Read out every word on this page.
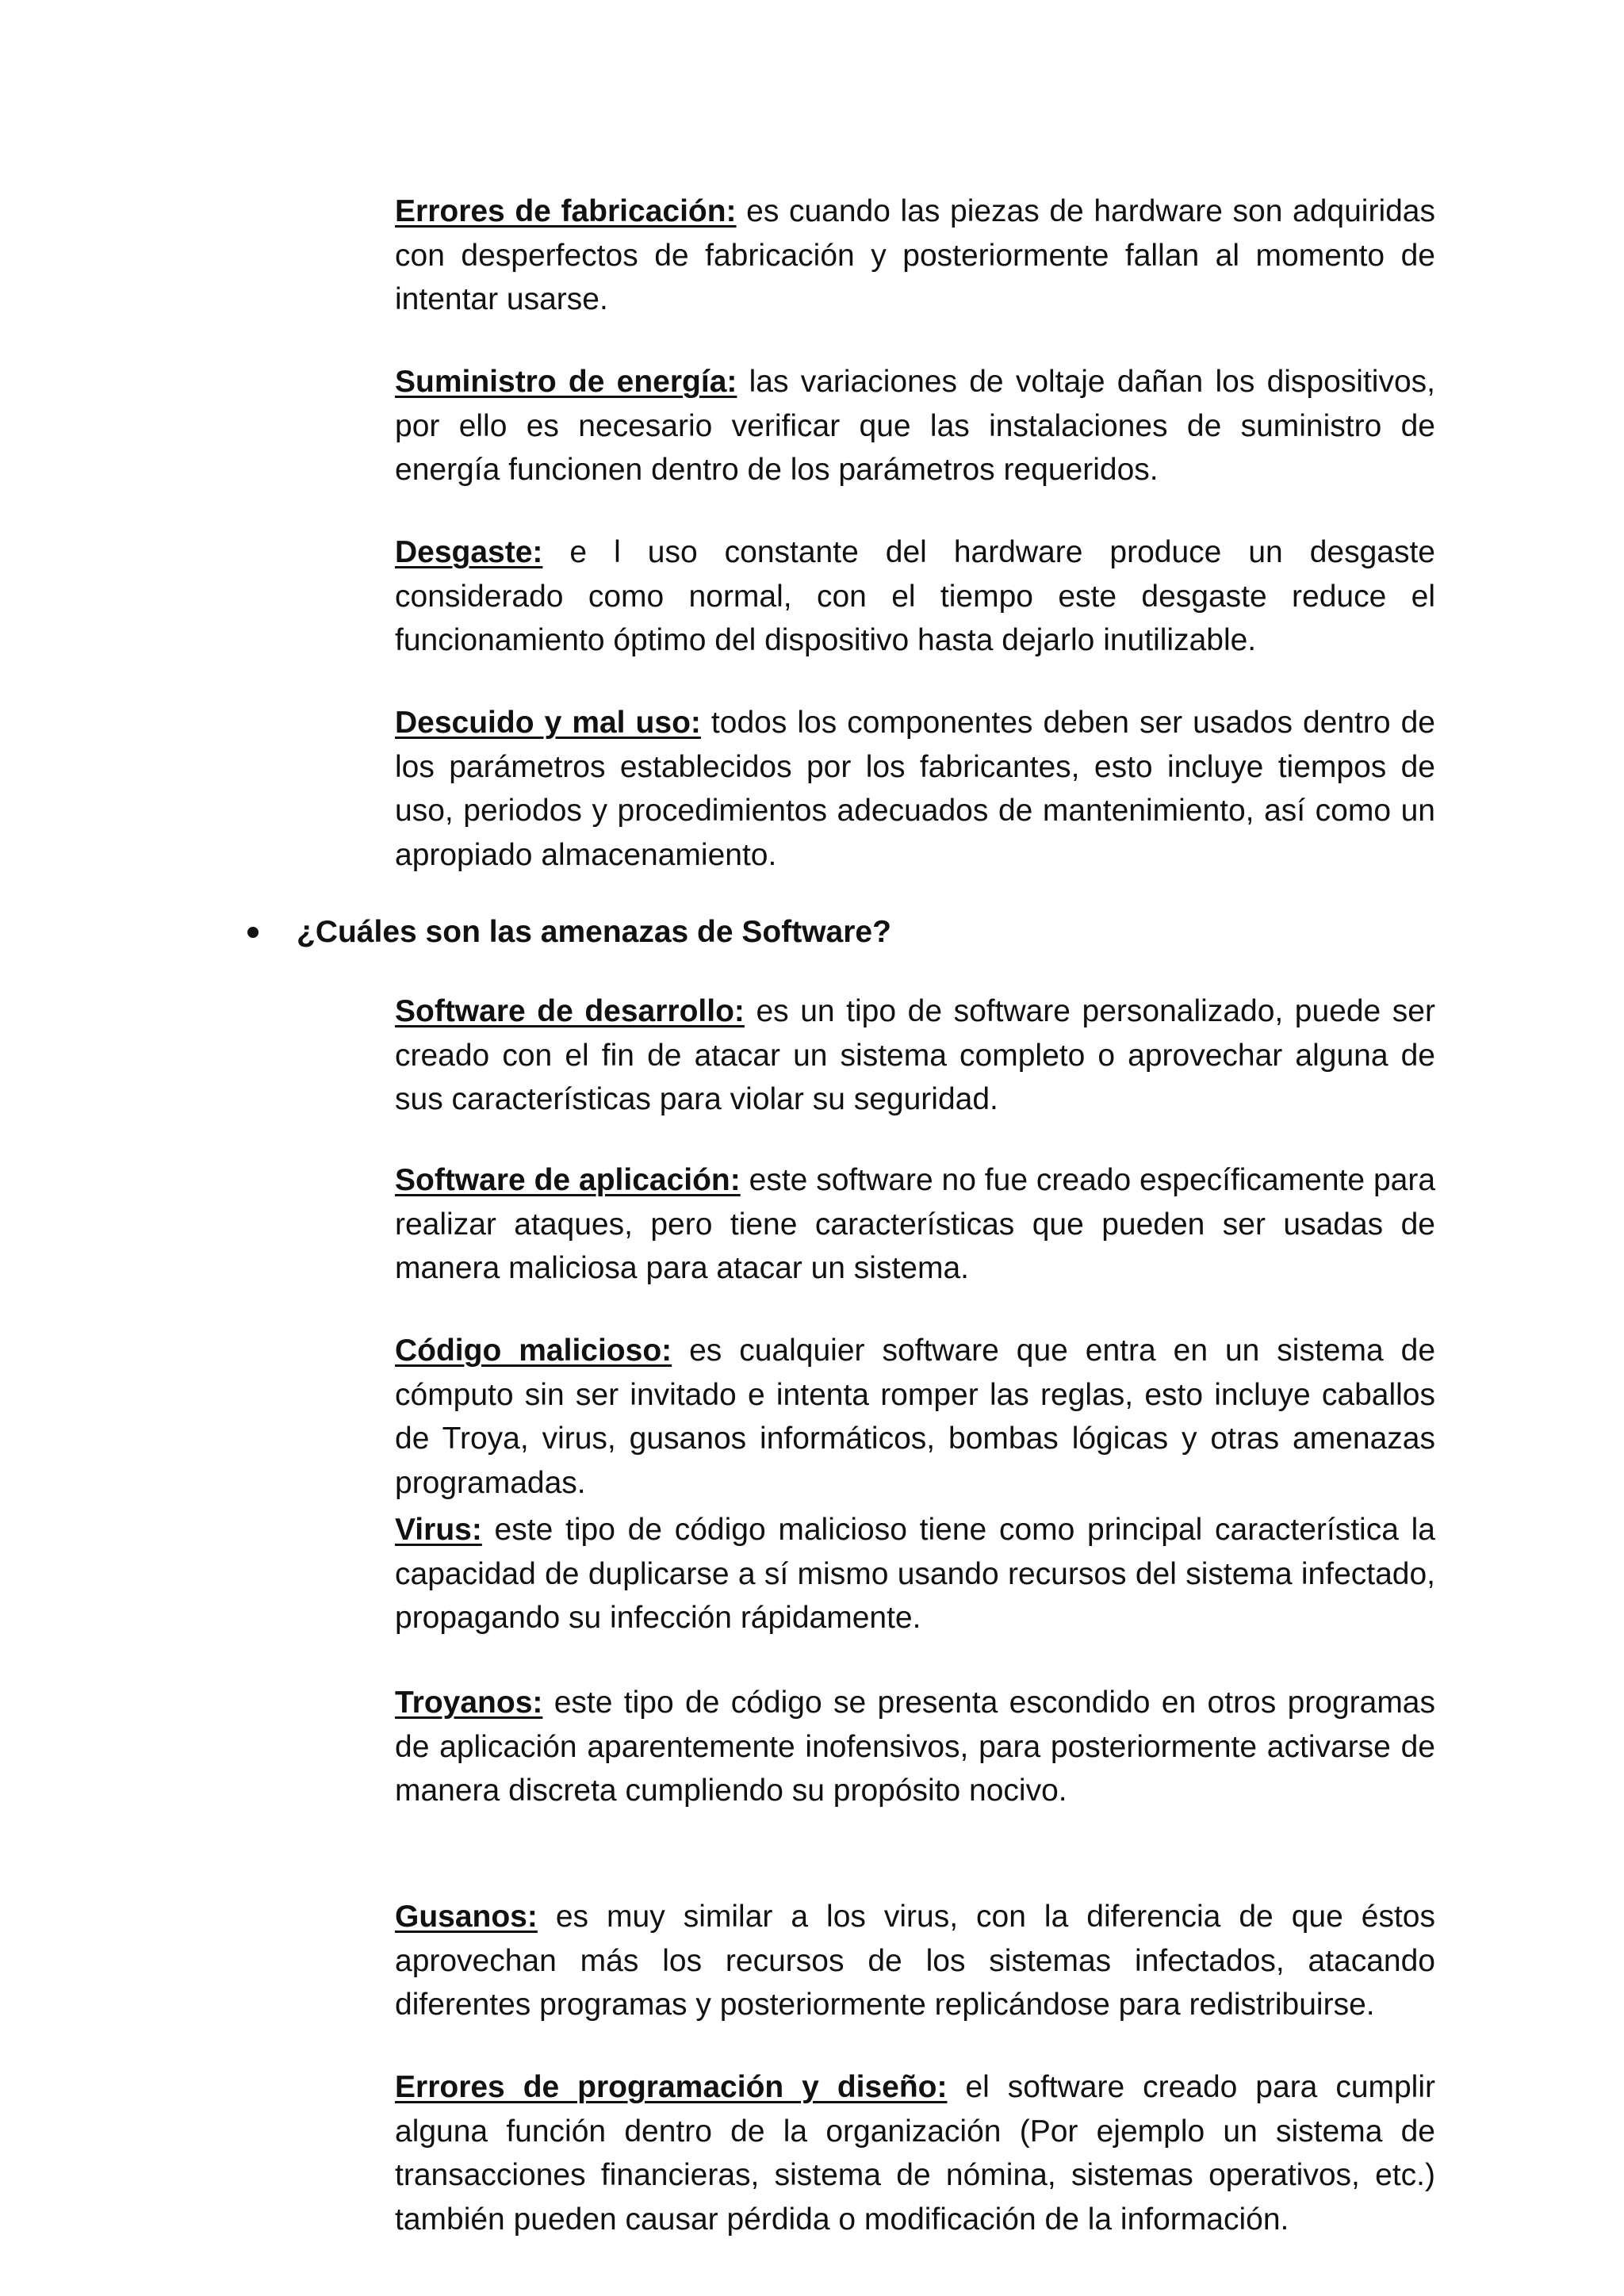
Errores de fabricación: es cuando las piezas de hardware son adquiridas con desperfectos de fabricación y posteriormente fallan al momento de intentar usarse.

Suministro de energía: las variaciones de voltaje dañan los dispositivos, por ello es necesario verificar que las instalaciones de suministro de energía funcionen dentro de los parámetros requeridos.

Desgaste: e l uso constante del hardware produce un desgaste considerado como normal, con el tiempo este desgaste reduce el funcionamiento óptimo del dispositivo hasta dejarlo inutilizable.

Descuido y mal uso: todos los componentes deben ser usados dentro de los parámetros establecidos por los fabricantes, esto incluye tiempos de uso, periodos y procedimientos adecuados de mantenimiento, así como un apropiado almacenamiento.

¿Cuáles son las amenazas de Software?

Software de desarrollo: es un tipo de software personalizado, puede ser creado con el fin de atacar un sistema completo o aprovechar alguna de sus características para violar su seguridad.

Software de aplicación: este software no fue creado específicamente para realizar ataques, pero tiene características que pueden ser usadas de manera maliciosa para atacar un sistema.

Código malicioso: es cualquier software que entra en un sistema de cómputo sin ser invitado e intenta romper las reglas, esto incluye caballos de Troya, virus, gusanos informáticos, bombas lógicas y otras amenazas programadas.

Virus: este tipo de código malicioso tiene como principal característica la capacidad de duplicarse a sí mismo usando recursos del sistema infectado, propagando su infección rápidamente.

Troyanos: este tipo de código se presenta escondido en otros programas de aplicación aparentemente inofensivos, para posteriormente activarse de manera discreta cumpliendo su propósito nocivo.

Gusanos: es muy similar a los virus, con la diferencia de que éstos aprovechan más los recursos de los sistemas infectados, atacando diferentes programas y posteriormente replicándose para redistribuirse.

Errores de programación y diseño: el software creado para cumplir alguna función dentro de la organización (Por ejemplo un sistema de transacciones financieras, sistema de nómina, sistemas operativos, etc.) también pueden causar pérdida o modificación de la información.
